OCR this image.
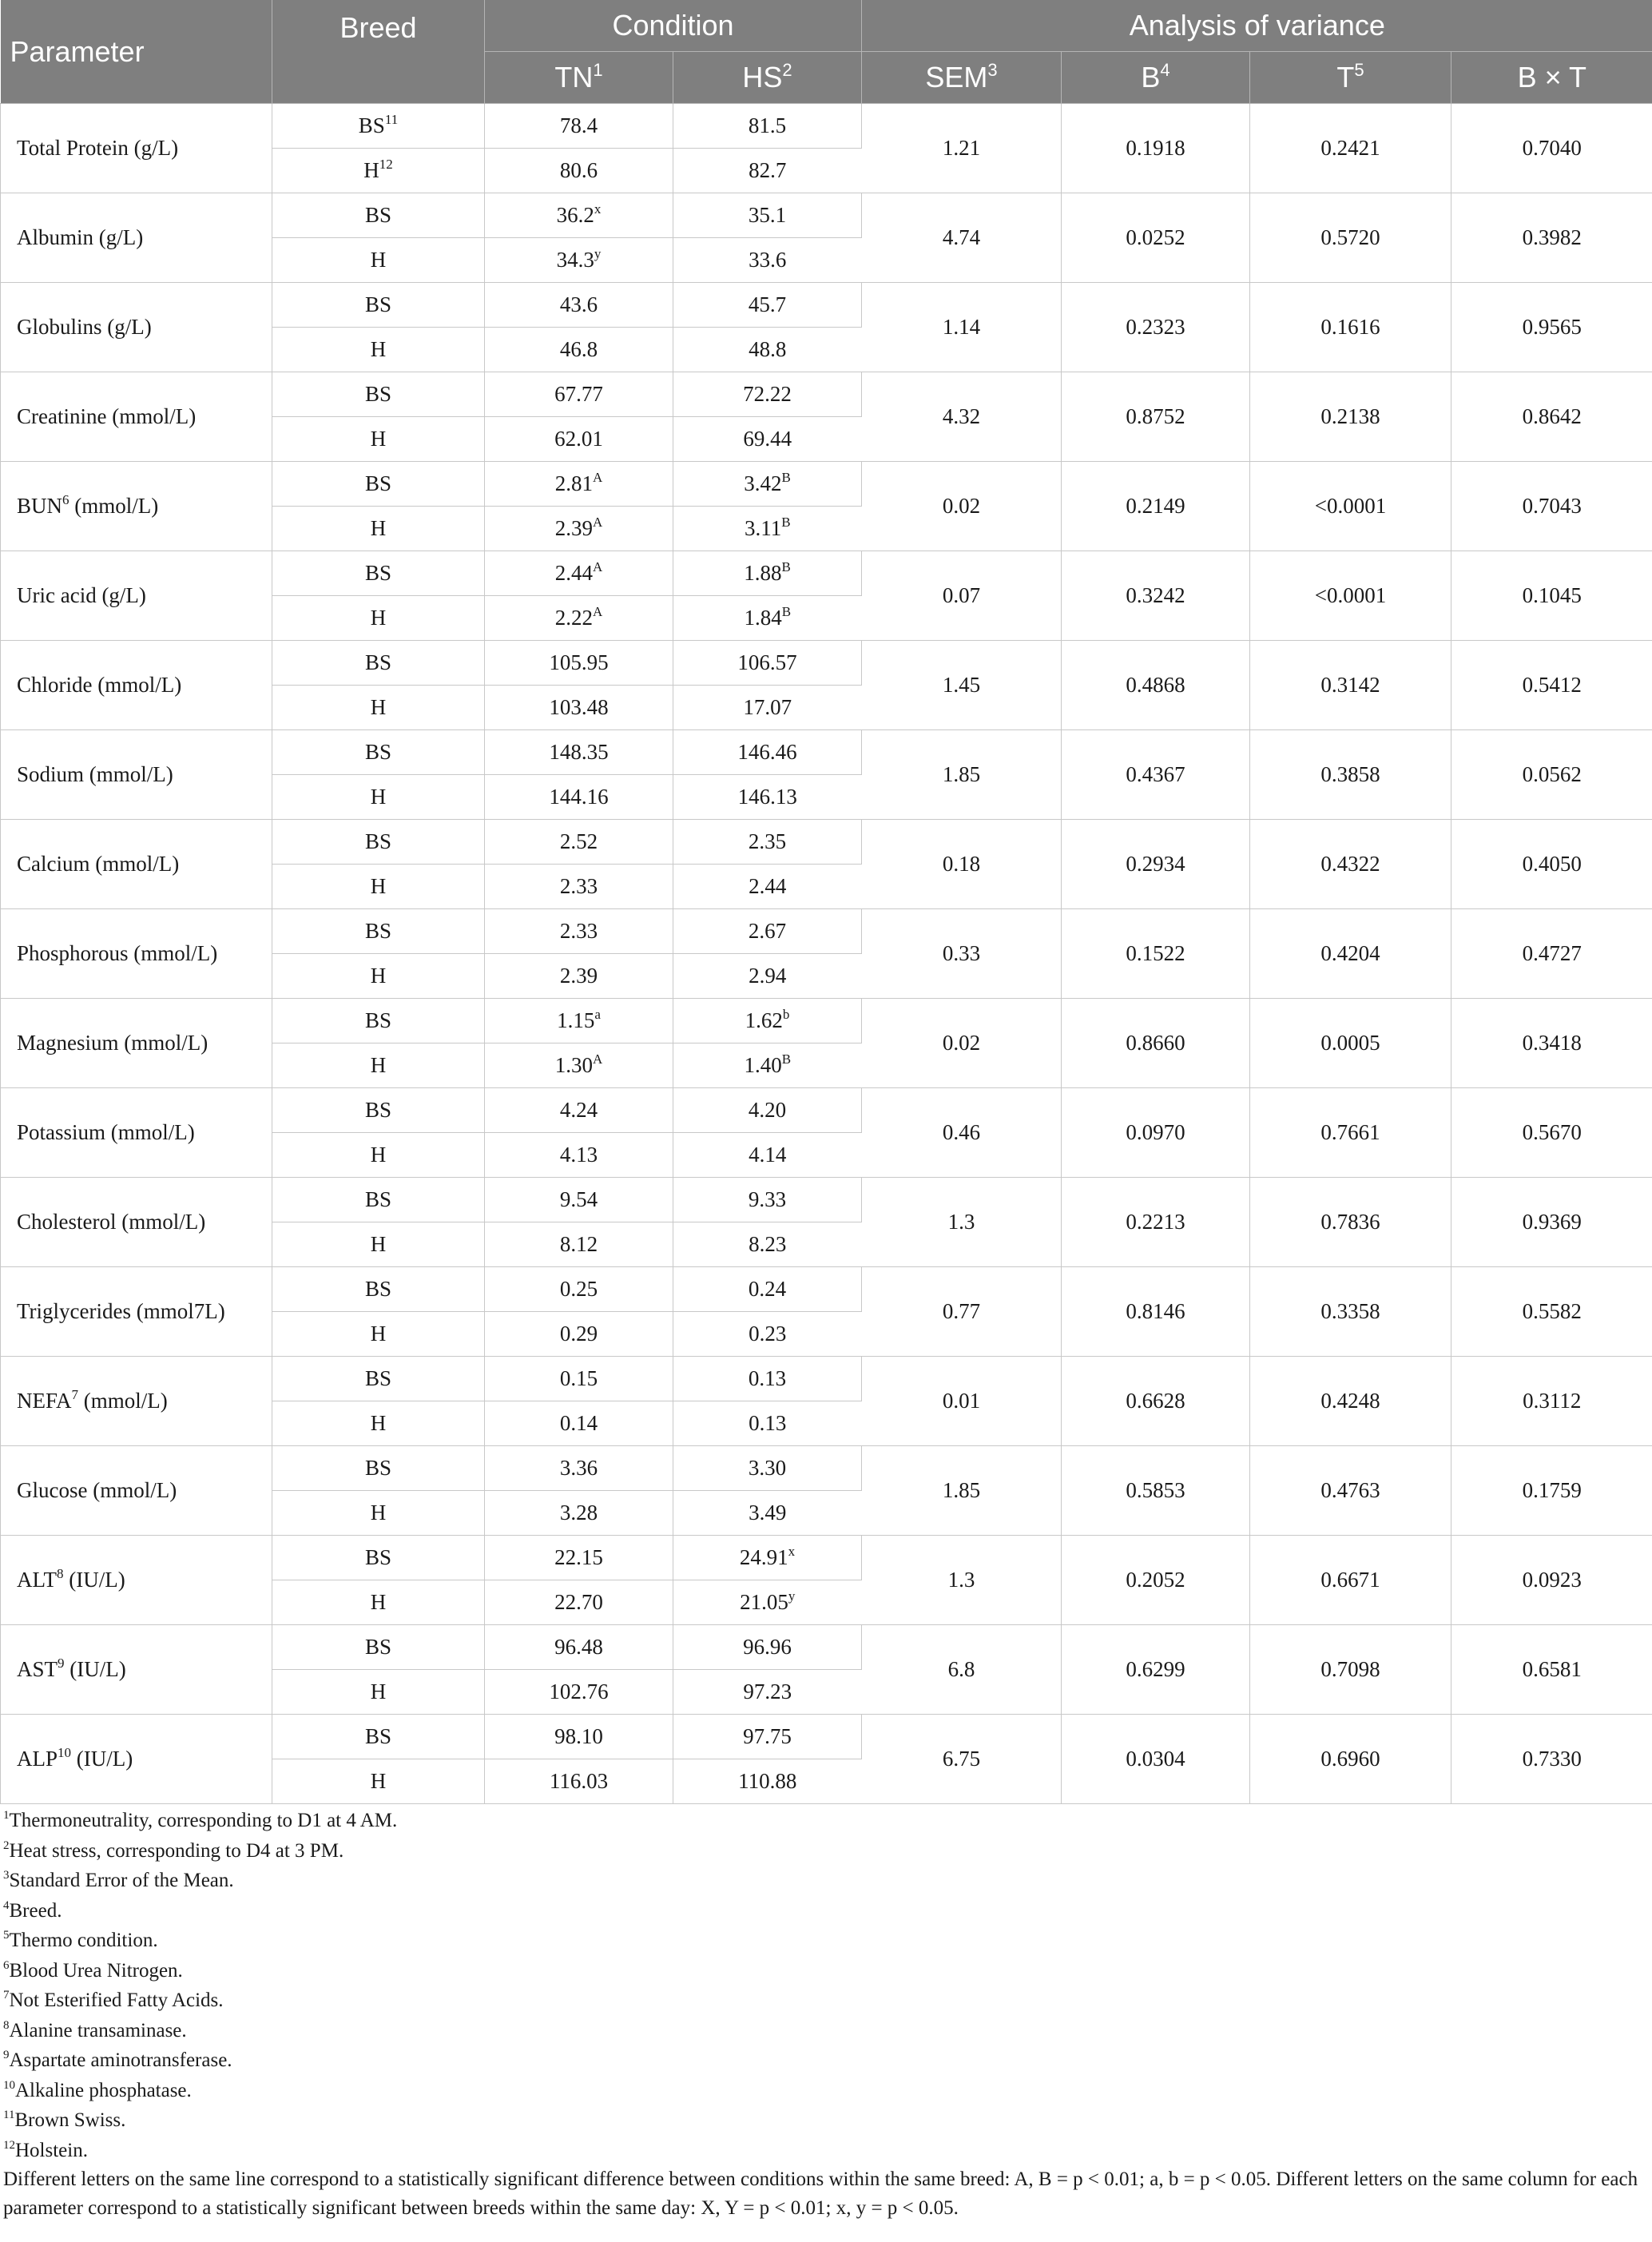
Parameter	Breed	Condition		Analysis of variance			
		$TN^1$	$HS^2$	SEM$^3$	$B^4$	$T^5$	B × T
Total Protein (g/L)	BS$^{11}$	78.4	81.5	1.21	0.1918	0.2421	0.7040
	$H^{12}$	80.6	82.7				
Albumin (g/L)	BS	36.2$^x$	35.1	4.74	0.0252	0.5720	0.3982
	H	34.3$^y$	33.6				
Globulins (g/L)	BS	43.6	45.7	1.14	0.2323	0.1616	0.9565
	H	46.8	48.8				
Creatinine (mmol/L)	BS	67.77	72.22	4.32	0.8752	0.2138	0.8642
	H	62.01	69.44				
BUN$^6$ (mmol/L)	BS	$2.81^A$	$3.42^B$	0.02	0.2149	<0.0001	0.7043
	H	$2.39^A$	$3.11^B$
Uric acid (g/L)	BS	$2.44^A$	$1.88^B$	0.07	0.3242	<0.0001	0.1045
	H	$2.22^A$	$1.84^B$
Chloride (mmol/L)	BS	105.95	106.57	1.45	0.4868	0.3142	0.5412
	H	103.48	17.07				
Sodium (mmol/L)	BS	148.35	146.46	1.85	0.4367	0.3858	0.0562
	H	144.16	146.13				
Calcium (mmol/L)	BS	2.52	2.35	0.18	0.2934	0.4322	0.4050
	H	2.33	2.44				
Phosphorous (mmol/L)	BS	2.33	2.67	0.33	0.1522	0.4204	0.4727
	H	2.39	2.94				
Magnesium (mmol/L)	BS	1.15$^a$	1.62$^b$	0.02	0.8660	0.0005	0.3418
	H	$1.30^A$	$1.40^B$
Potassium (mmol/L)	BS	4.24	4.20	0.46	0.0970	0.7661	0.5670
	H	4.13	4.14				
Cholesterol (mmol/L)	BS	9.54	9.33	1.3	0.2213	0.7836	0.9369
	H	8.12	8.23				
Triglycerides (mmol7L)	BS	0.25	0.24	0.77	0.8146	0.3358	0.5582
	H	0.29	0.23				
NEFA$^7$ (mmol/L)	BS	0.15	0.13	0.01	0.6628	0.4248	0.3112
	H	0.14	0.13				
Glucose (mmol/L)	BS	3.36	3.30	1.85	0.5853	0.4763	0.1759
	H	3.28	3.49				
ALT$^8$ (IU/L)	BS	22.15	24.91$^x$	1.3	0.2052	0.6671	0.0923
	H	22.70	21.05$^y$
AST$^9$ (IU/L)	BS	96.48	96.96	6.8	0.6299	0.7098	0.6581
	H	102.76	97.23				
ALP$^{10}$ (IU/L)	BS	98.10	97.75	6.75	0.0304	0.6960	0.7330
	H	116.03	110.88				

$^1$Thermoneutrality, corresponding to D1 at 4 AM.

$^2$Heat stress, corresponding to D4 at 3 PM.

$^3$Standard Error of the Mean.

$^4$Breed.

$^5$Thermo condition.

$^6$Blood Urea Nitrogen.

$^7$Not Esterified Fatty Acids.

$^8$Alanine transaminase.

$^9$Aspartate aminotransferase.

$^{10}$Alkaline phosphatase.

$^{11}$Brown Swiss.

$^{12}$Holstein.

Different letters on the same line correspond to a statistically significant difference between conditions within the same breed: A, B = p < 0.01; a, b = p < 0.05. Different letters on the same column for each parameter correspond to a statistically significant between breeds within the same day: X, Y = p < 0.01; x, y = p < 0.05.
